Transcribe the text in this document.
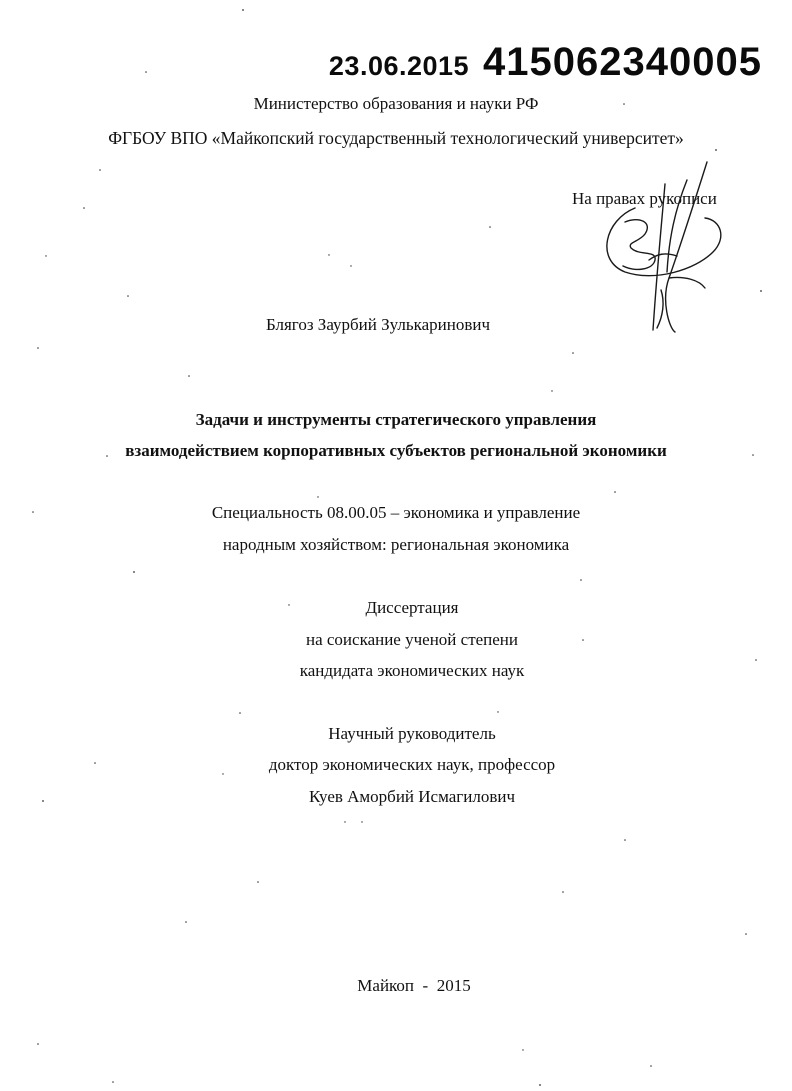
23.06.2015 415062340005
Министерство образования и науки РФ
ФГБОУ ВПО «Майкопский государственный технологический университет»
На правах рукописи
Блягоз Заурбий Зулькаринович
Задачи и инструменты стратегического управления
взаимодействием корпоративных субъектов региональной экономики
Специальность 08.00.05 – экономика и управление
народным хозяйством: региональная экономика
Диссертация
на соискание ученой степени
кандидата экономических наук
Научный руководитель
доктор экономических наук, профессор
Куев Аморбий Исмагилович
Майкоп  -  2015
